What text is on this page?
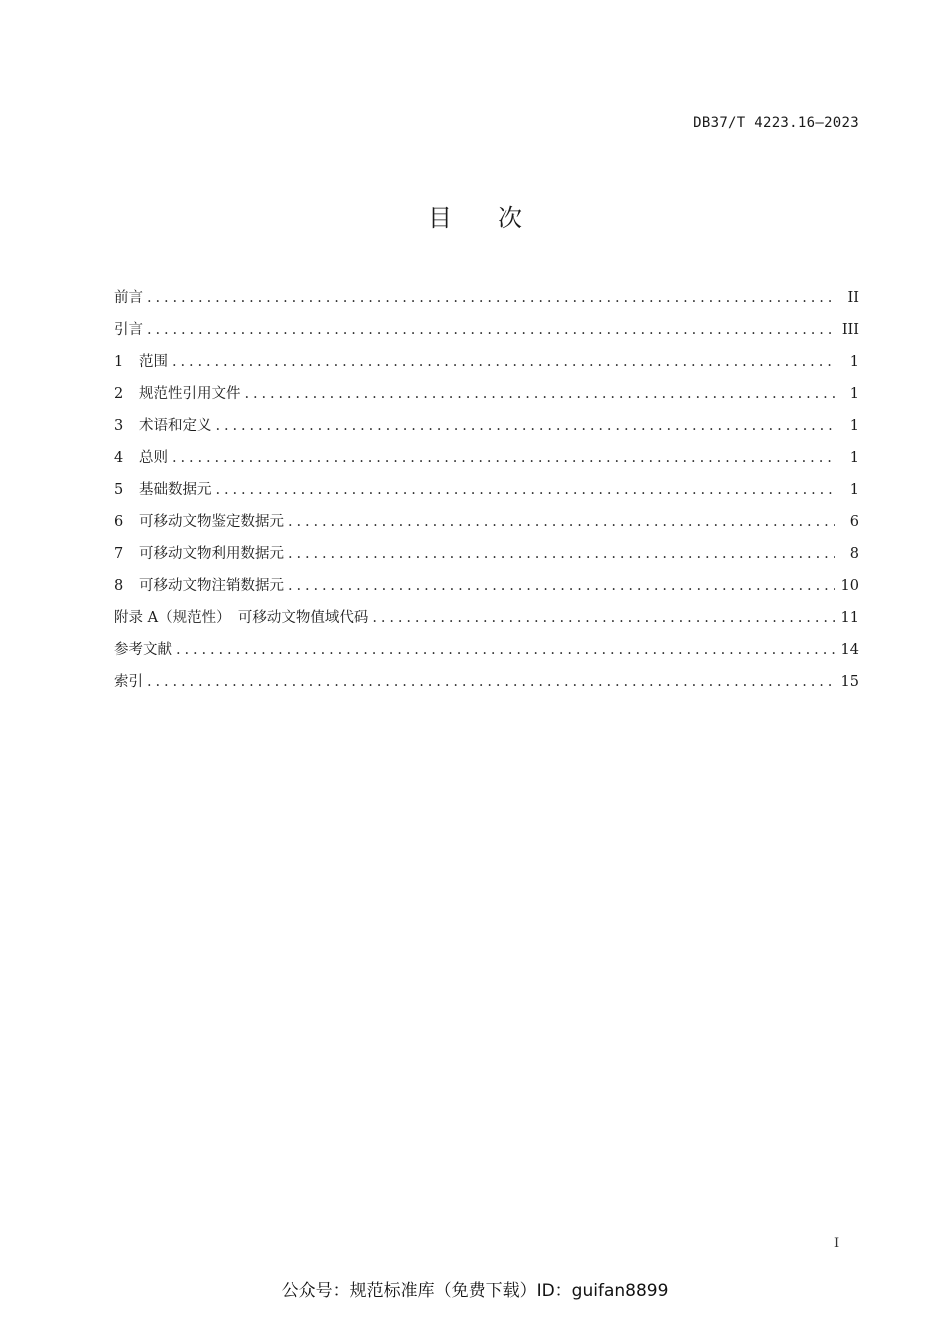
DB37/T 4223.16—2023
目次
前言 .....	II
引言 .....	III
1	范围 .....	1
2	规范性引用文件 .....	1
3	术语和定义 .....	1
4	总则 .....	1
5	基础数据元 .....	1
6	可移动文物鉴定数据元 .....	6
7	可移动文物利用数据元 .....	8
8	可移动文物注销数据元 .....	10
附录 A（规范性）　可移动文物值域代码 .....	11
参考文献 .....	14
索引 .....	15
I
公众号：规范标准库（免费下载）ID：guifan8899
